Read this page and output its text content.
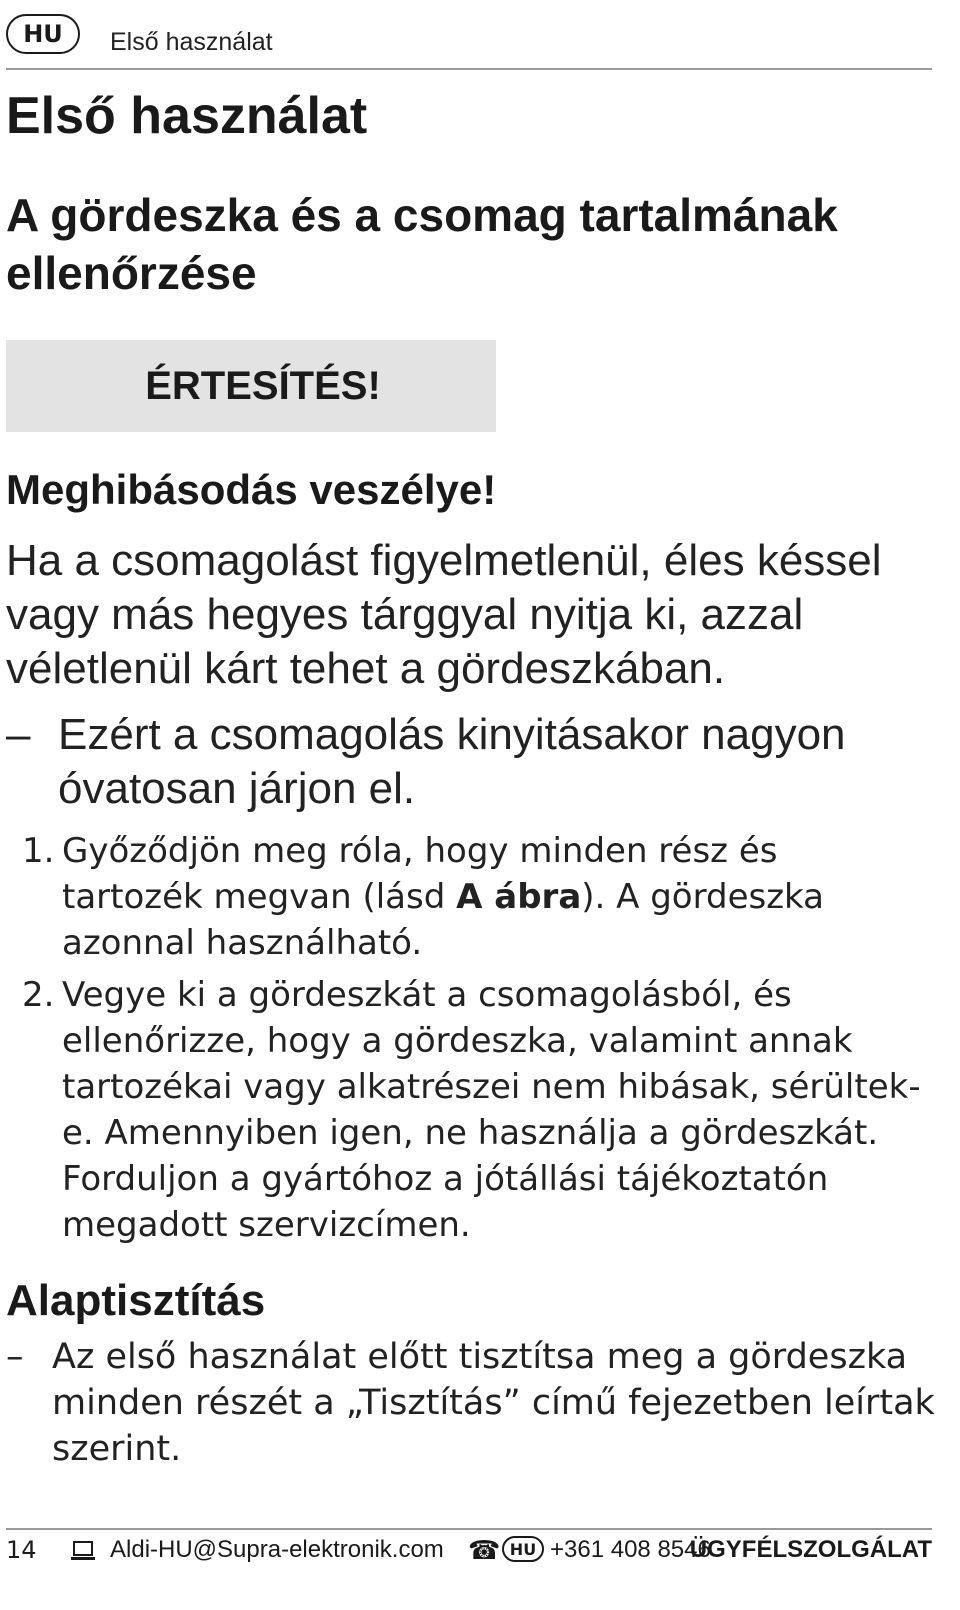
HU	Első használat
Első használat
A gördeszka és a csomag tartalmának ellenőrzése
ÉRTESÍTÉS!

Meghibásodás veszélye!

Ha a csomagolást figyelmetlenül, éles késsel vagy más hegyes tárggyal nyitja ki, azzal véletlenül kárt tehet a gördeszkában.

– Ezért a csomagolás kinyitásakor nagyon óvatosan járjon el.
1. Győződjön meg róla, hogy minden rész és tartozék megvan (lásd A ábra). A gördeszka azonnal használható.
2. Vegye ki a gördeszkát a csomagolásból, és ellenőrizze, hogy a gördeszka, valamint annak tartozékai vagy alkatrészei nem hibásak, sérültek-e. Amennyiben igen, ne használja a gördeszkát. Forduljon a gyártóhoz a jótállási tájékoztatón megadott szervizcímen.

Alaptisztítás

– Az első használat előtt tisztítsa meg a gördeszka minden részét a „Tisztítás” című fejezetben leírtak szerint.
14	Aldi-HU@Supra-elektronik.com ☎ HU +361 408 8546
ÜGYFÉLSZOLGÁLAT
